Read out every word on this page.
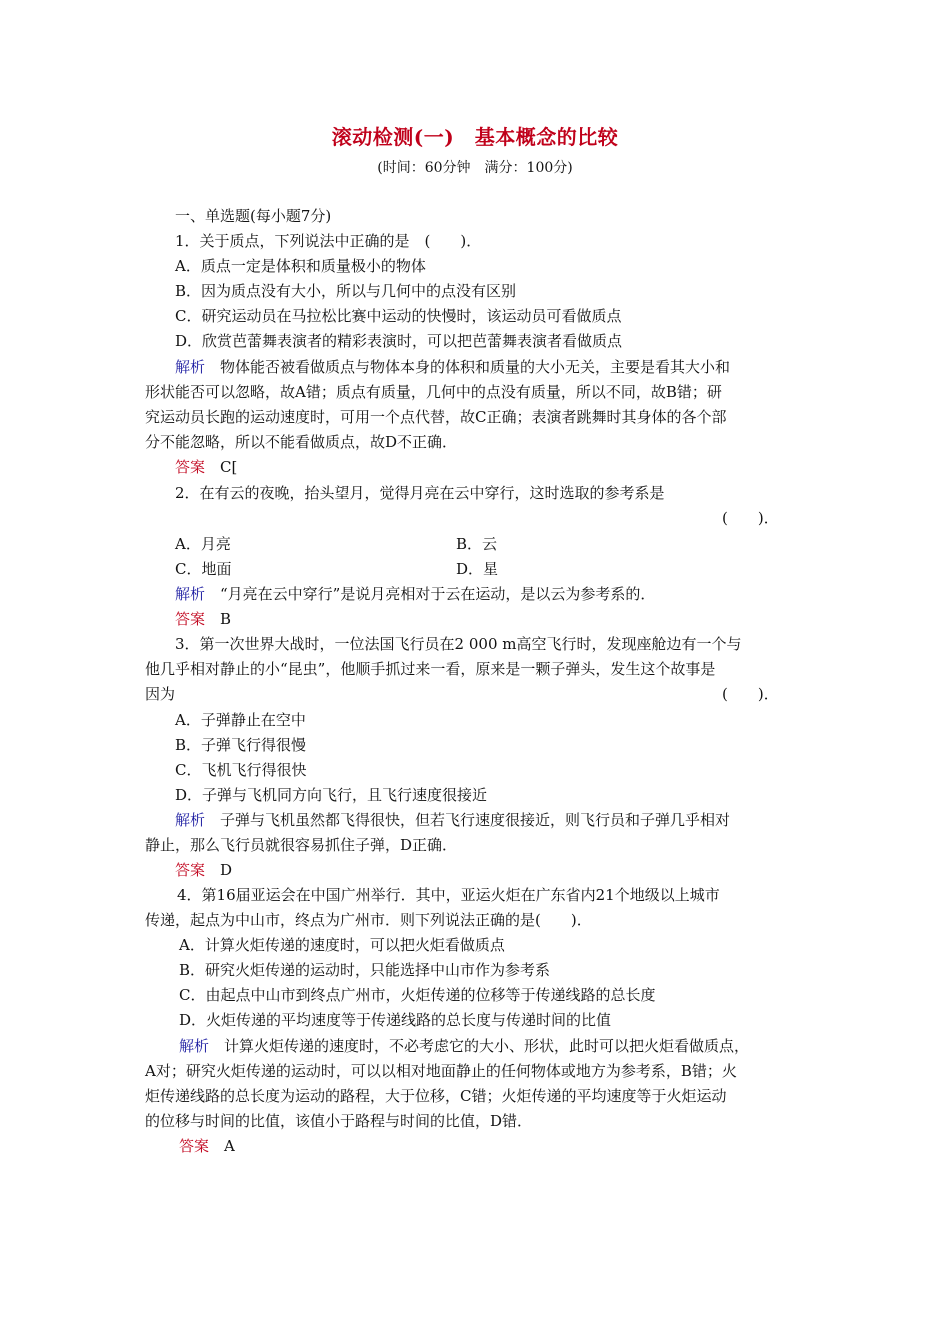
滚动检测(一)　基本概念的比较
(时间：60分钟　满分：100分)
一、单选题(每小题7分)
1．关于质点，下列说法中正确的是　(　　)．
A．质点一定是体积和质量极小的物体
B．因为质点没有大小，所以与几何中的点没有区别
C．研究运动员在马拉松比赛中运动的快慢时，该运动员可看做质点
D．欣赏芭蕾舞表演者的精彩表演时，可以把芭蕾舞表演者看做质点
解析　物体能否被看做质点与物体本身的体积和质量的大小无关，主要是看其大小和
形状能否可以忽略，故A错；质点有质量，几何中的点没有质量，所以不同，故B错；研
究运动员长跑的运动速度时，可用一个点代替，故C正确；表演者跳舞时其身体的各个部
分不能忽略，所以不能看做质点，故D不正确．
答案　C[
2．在有云的夜晚，抬头望月，觉得月亮在云中穿行，这时选取的参考系是
(　　)．
A．月亮	B．云
C．地面	D．星
解析　“月亮在云中穿行”是说月亮相对于云在运动，是以云为参考系的．
答案　B
3．第一次世界大战时，一位法国飞行员在2 000 m高空飞行时，发现座舱边有一个与
他几乎相对静止的小“昆虫”，他顺手抓过来一看，原来是一颗子弹头，发生这个故事是
因为	(　　)．
A．子弹静止在空中
B．子弹飞行得很慢
C．飞机飞行得很快
D．子弹与飞机同方向飞行，且飞行速度很接近
解析　子弹与飞机虽然都飞得很快，但若飞行速度很接近，则飞行员和子弹几乎相对
静止，那么飞行员就很容易抓住子弹，D正确．
答案　D
4．第16届亚运会在中国广州举行．其中，亚运火炬在广东省内21个地级以上城市
传递，起点为中山市，终点为广州市．则下列说法正确的是(　　)．
A．计算火炬传递的速度时，可以把火炬看做质点
B．研究火炬传递的运动时，只能选择中山市作为参考系
C．由起点中山市到终点广州市，火炬传递的位移等于传递线路的总长度
D．火炬传递的平均速度等于传递线路的总长度与传递时间的比值
解析　计算火炬传递的速度时，不必考虑它的大小、形状，此时可以把火炬看做质点，
A对；研究火炬传递的运动时，可以以相对地面静止的任何物体或地方为参考系，B错；火
炬传递线路的总长度为运动的路程，大于位移，C错；火炬传递的平均速度等于火炬运动
的位移与时间的比值，该值小于路程与时间的比值，D错．
答案　A
